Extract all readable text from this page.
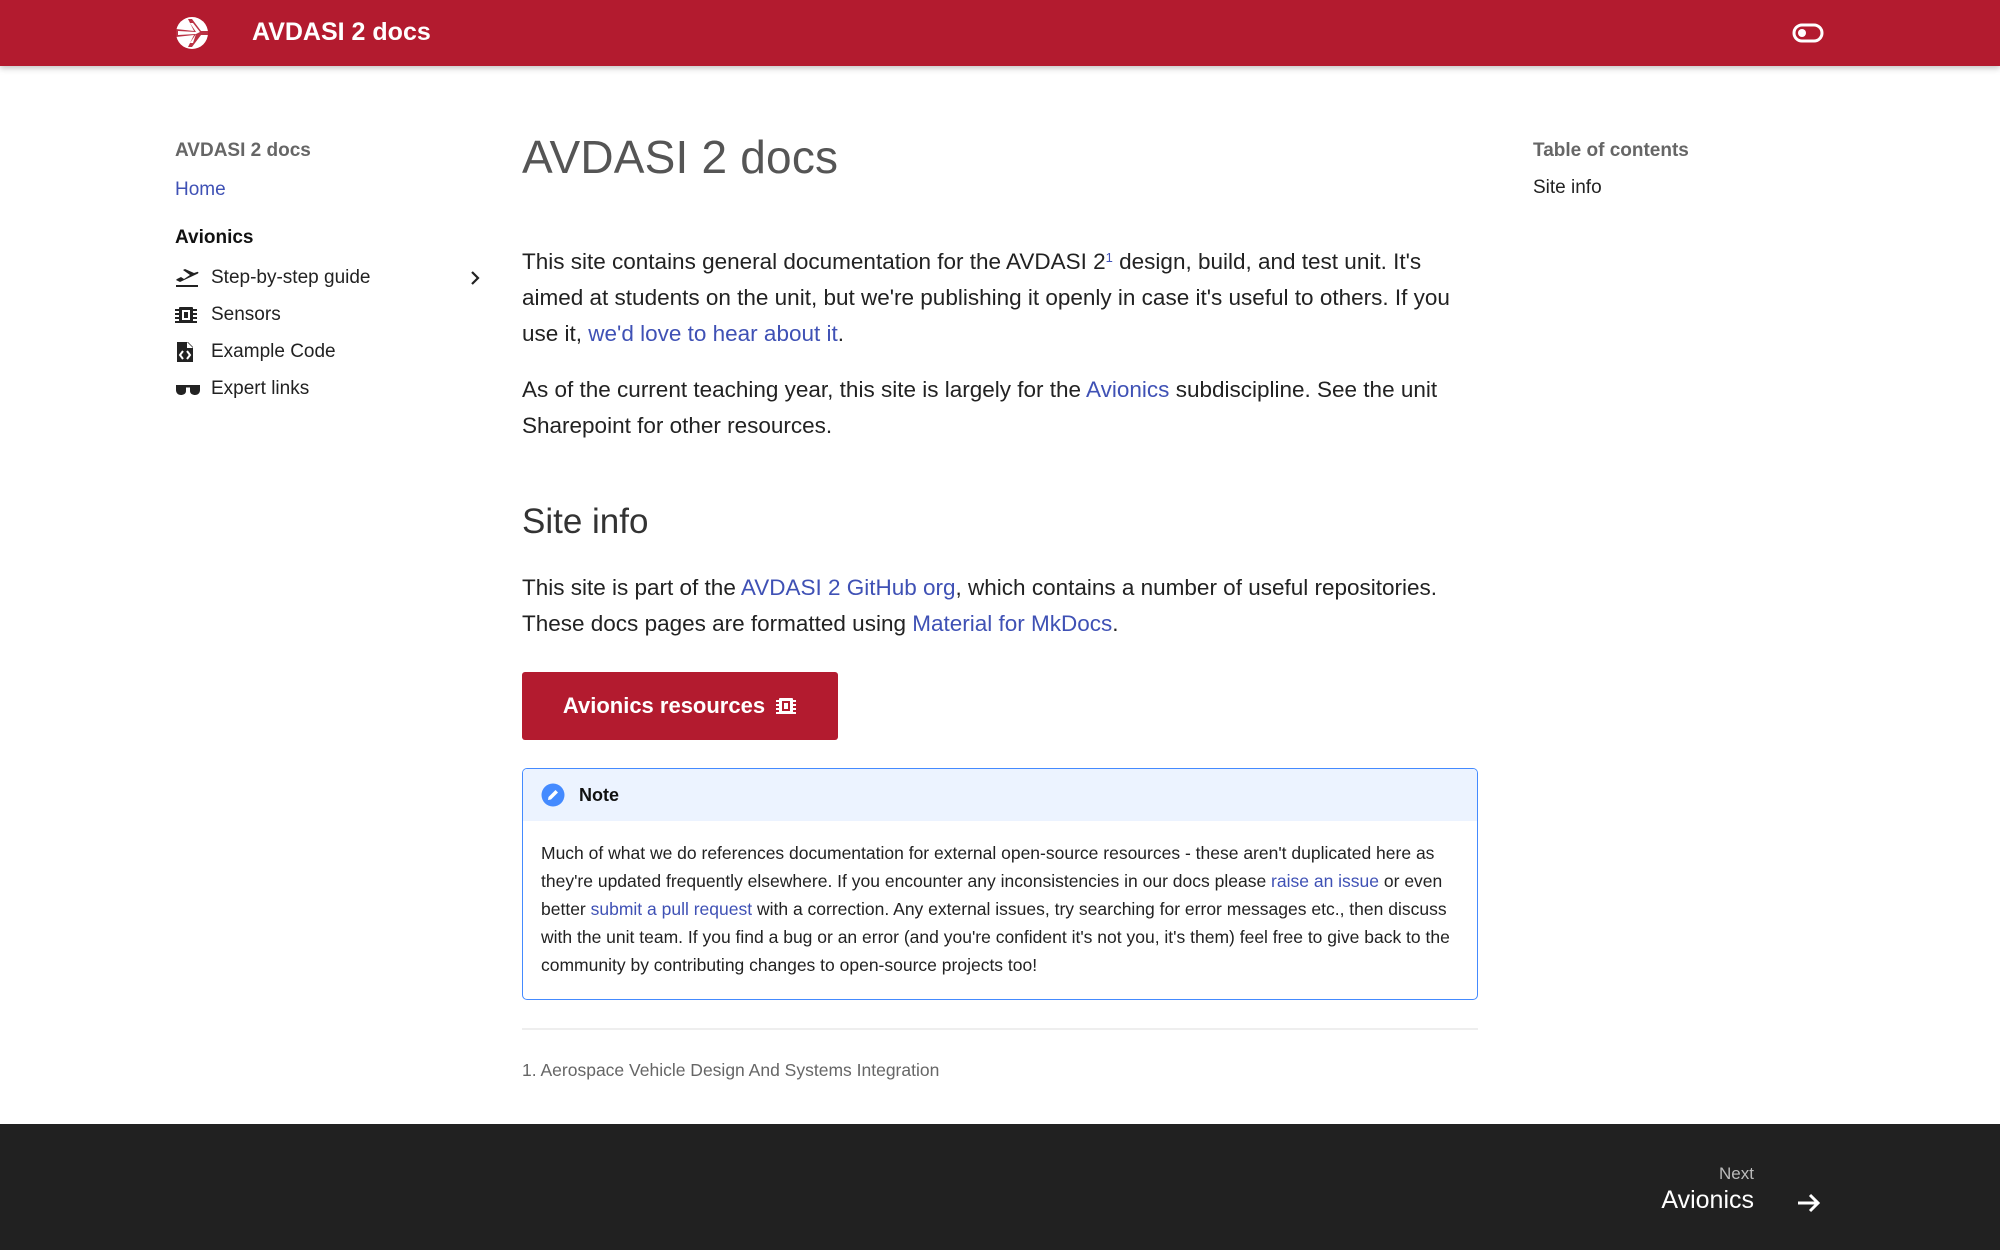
AVDASI 2 docs
AVDASI 2 docs
Home
Avionics
Step-by-step guide
Sensors
Example Code
Expert links
AVDASI 2 docs

This site contains general documentation for the AVDASI $2^1$ design, build, and test unit. It's aimed at students on the unit, but we're publishing it openly in case it's useful to others. If you use it, we'd love to hear about it.

As of the current teaching year, this site is largely for the Avionics subdiscipline. See the unit Sharepoint for other resources.

Site info

This site is part of the AVDASI 2 GitHub org, which contains a number of useful repositories. These docs pages are formatted using Material for MkDocs.

Avionics resources
Note
Much of what we do references documentation for external open-source resources - these aren't duplicated here as they're updated frequently elsewhere. If you encounter any inconsistencies in our docs please raise an issue or even better submit a pull request with a correction. Any external issues, try searching for error messages etc., then discuss with the unit team. If you find a bug or an error (and you're confident it's not you, it's them) feel free to give back to the community by contributing changes to open-source projects too!
1. Aerospace Vehicle Design And Systems Integration
Table of contents
Site info
Next
Avionics
